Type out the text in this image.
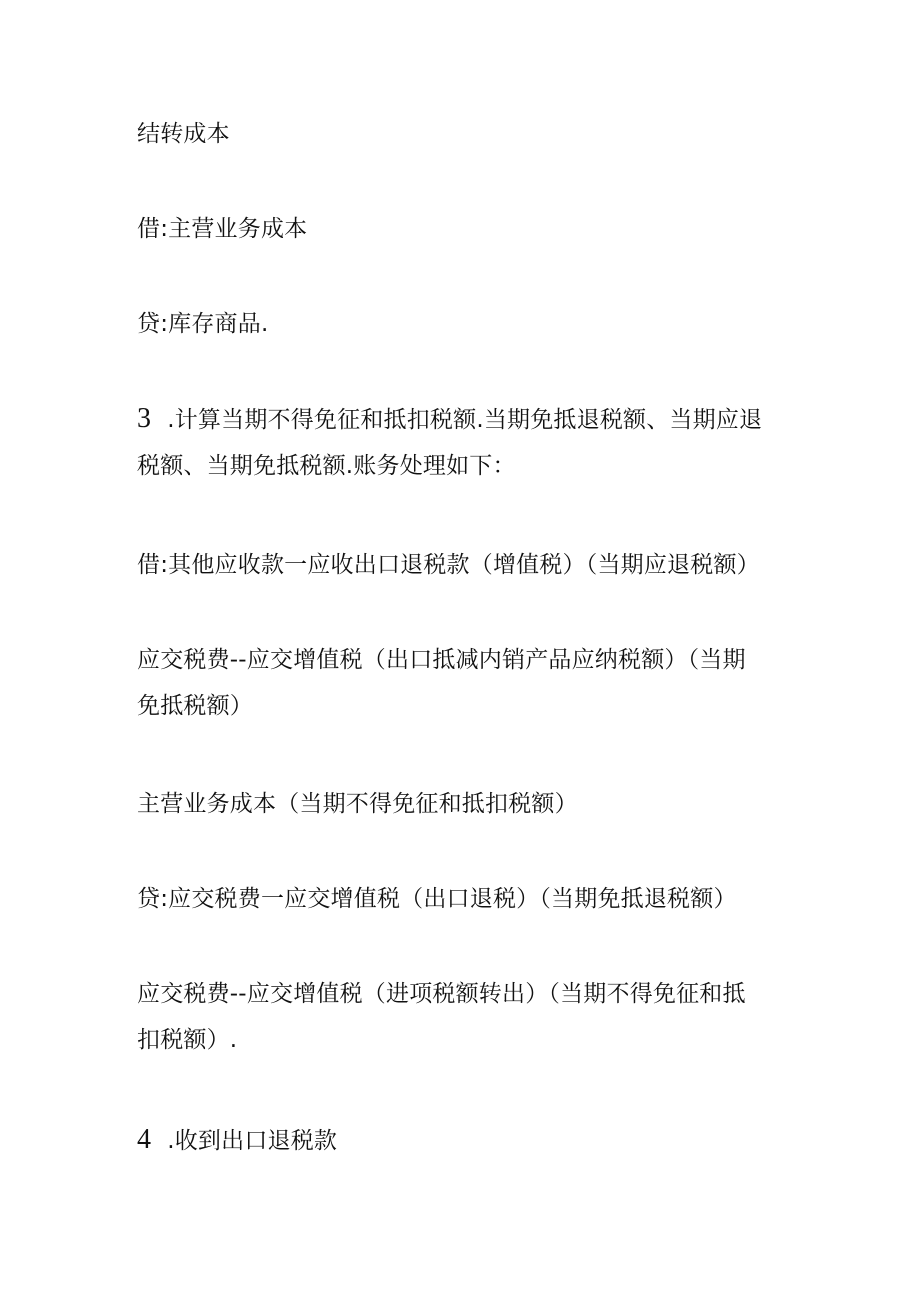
结转成本
借:主营业务成本
贷:库存商品.
3 .计算当期不得免征和抵扣税额.当期免抵退税额、当期应退
税额、当期免抵税额.账务处理如下：
借:其他应收款一应收出口退税款（增值税）（当期应退税额）
应交税费--应交增值税（出口抵减内销产品应纳税额）（当期
免抵税额）
主营业务成本（当期不得免征和抵扣税额）
贷:应交税费一应交增值税（出口退税）（当期免抵退税额）
应交税费--应交增值税（进项税额转出）（当期不得免征和抵
扣税额）.
4 .收到出口退税款
